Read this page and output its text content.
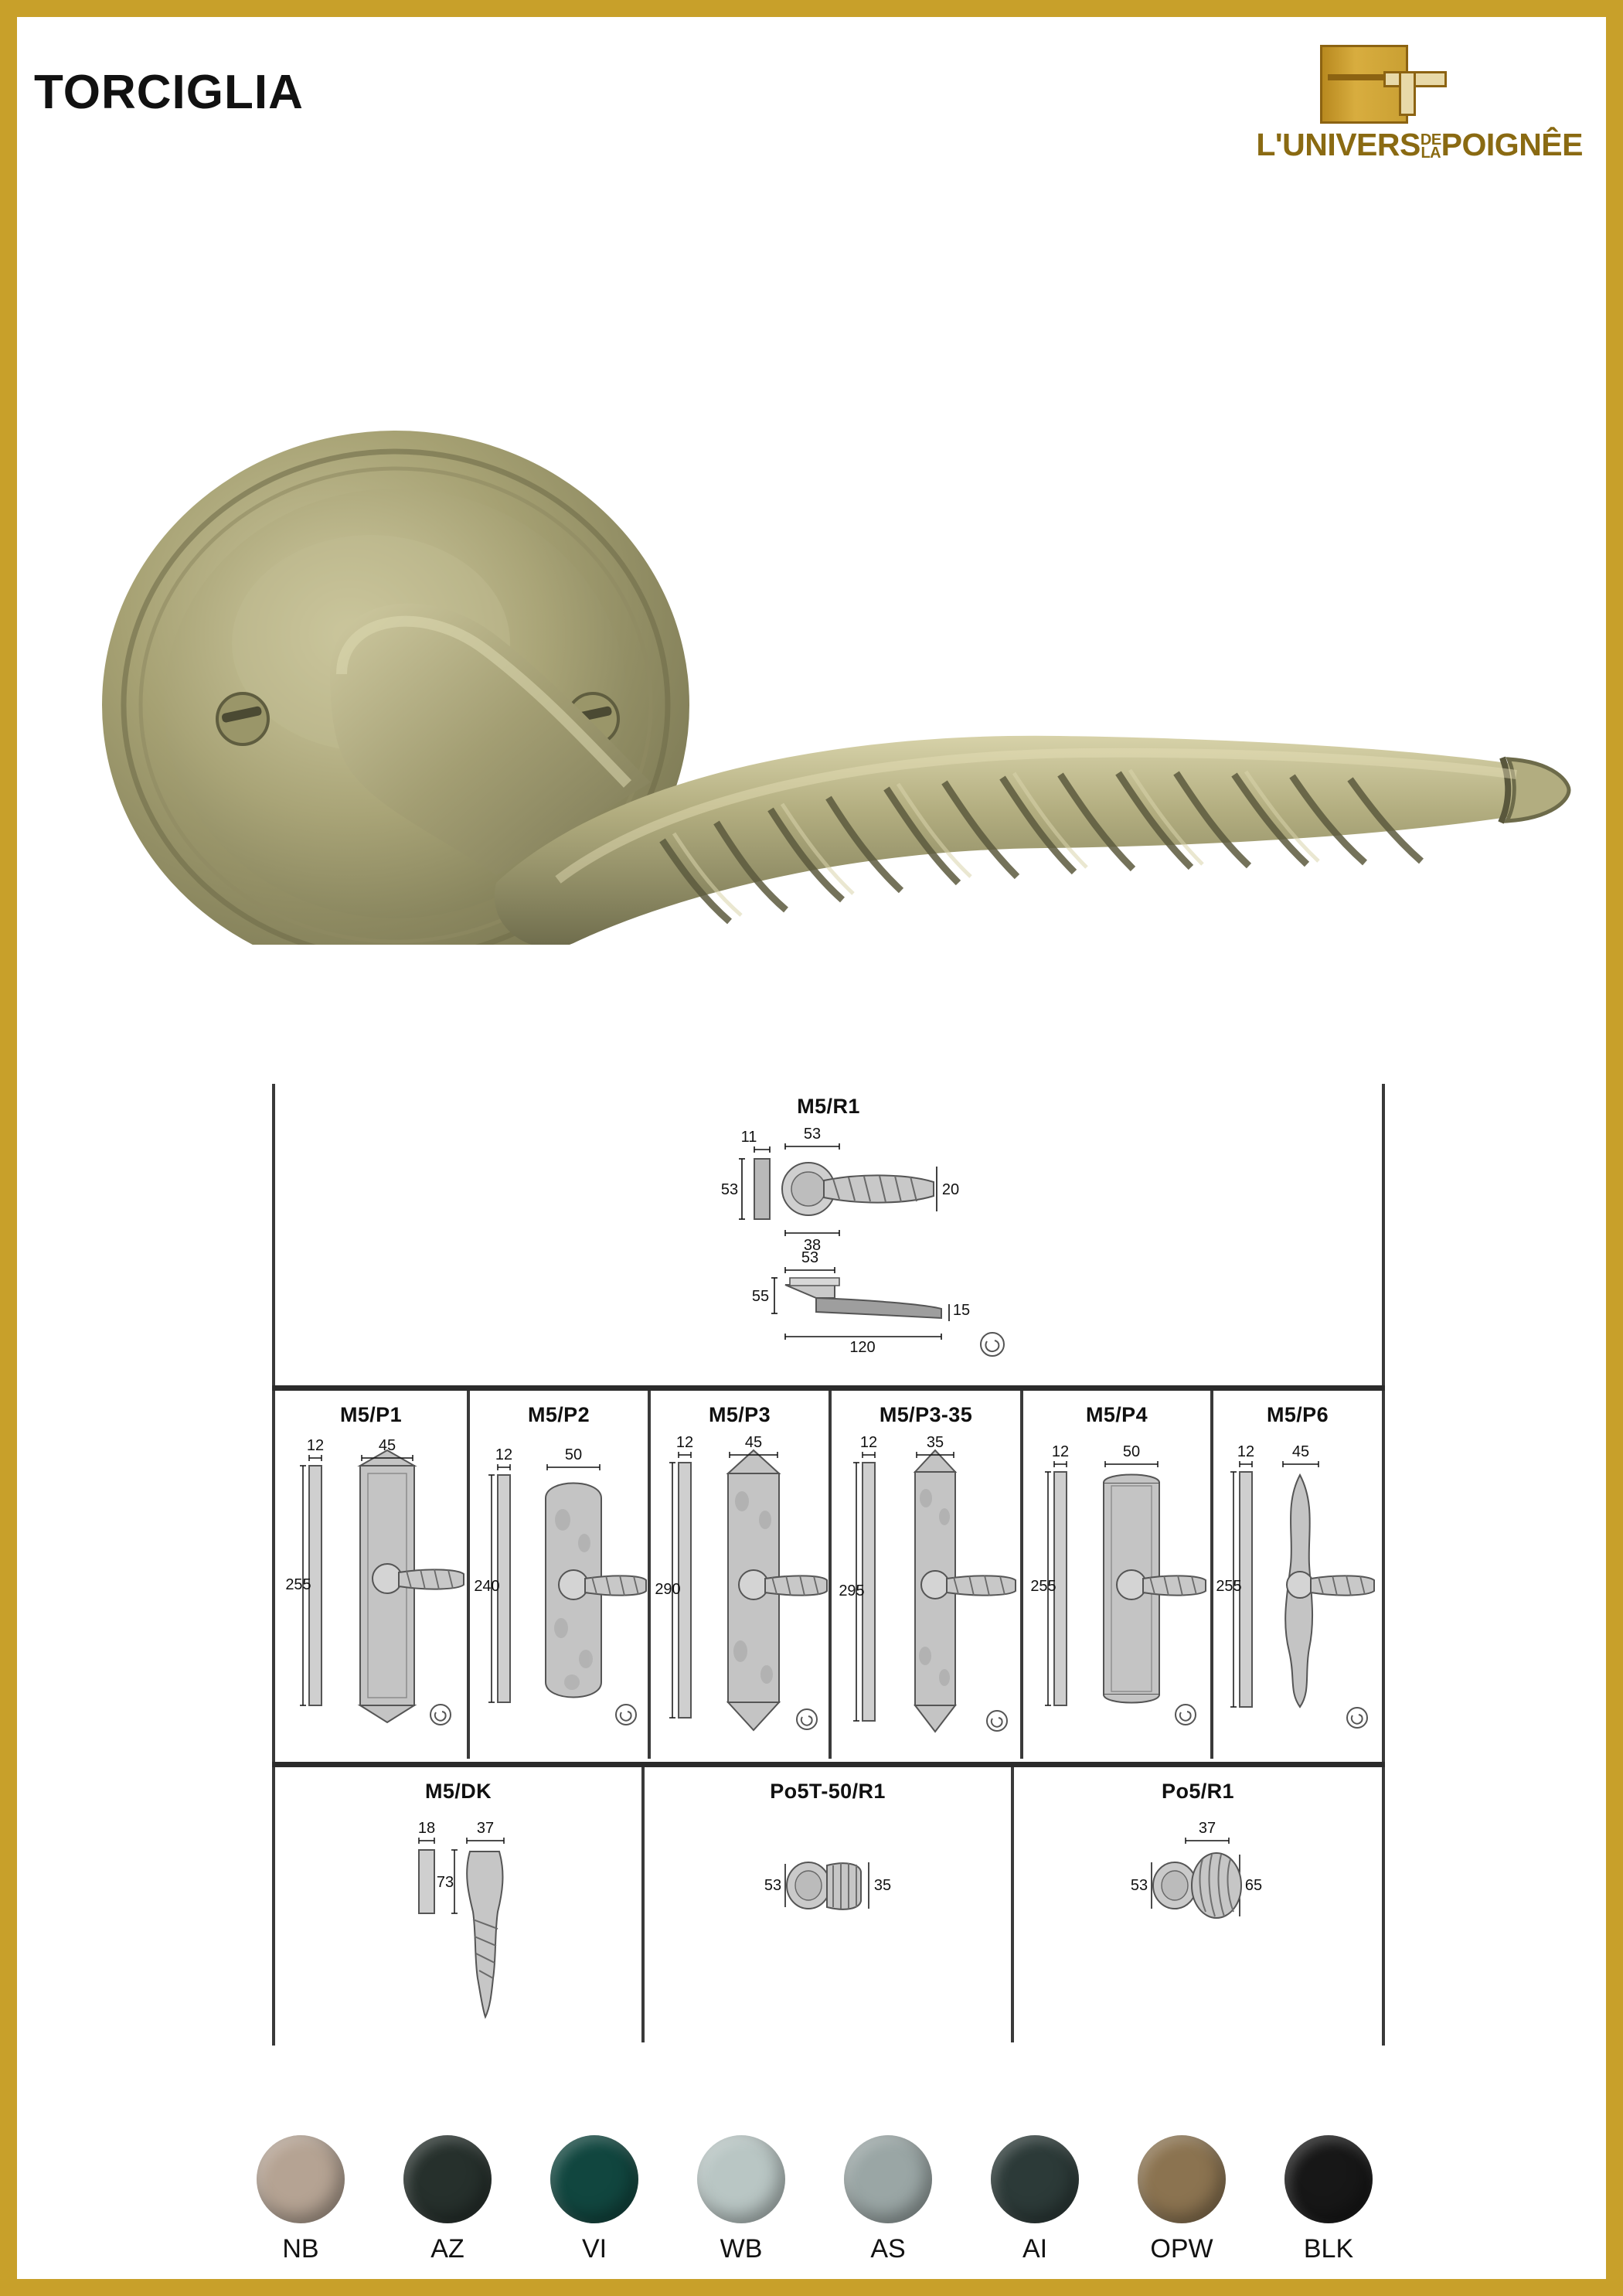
TORCIGLIA
L'UNIVERSDE
LAPOIGNÊE
M5/R1
11	53
53	20
38
53
55
15
120
M5/P1
255
12	45
M5/P2
240
12	50
M5/P3
290
12	45
M5/P3-35
295
12	35
M5/P4
255
12	50
M5/P6
255
12 45
M5/DK
18
73
37
Po5T-50/R1
53	35
Po5/R1
53	65
37
NB	AZ	VI	WB	AS	AI	OPW	BLK
